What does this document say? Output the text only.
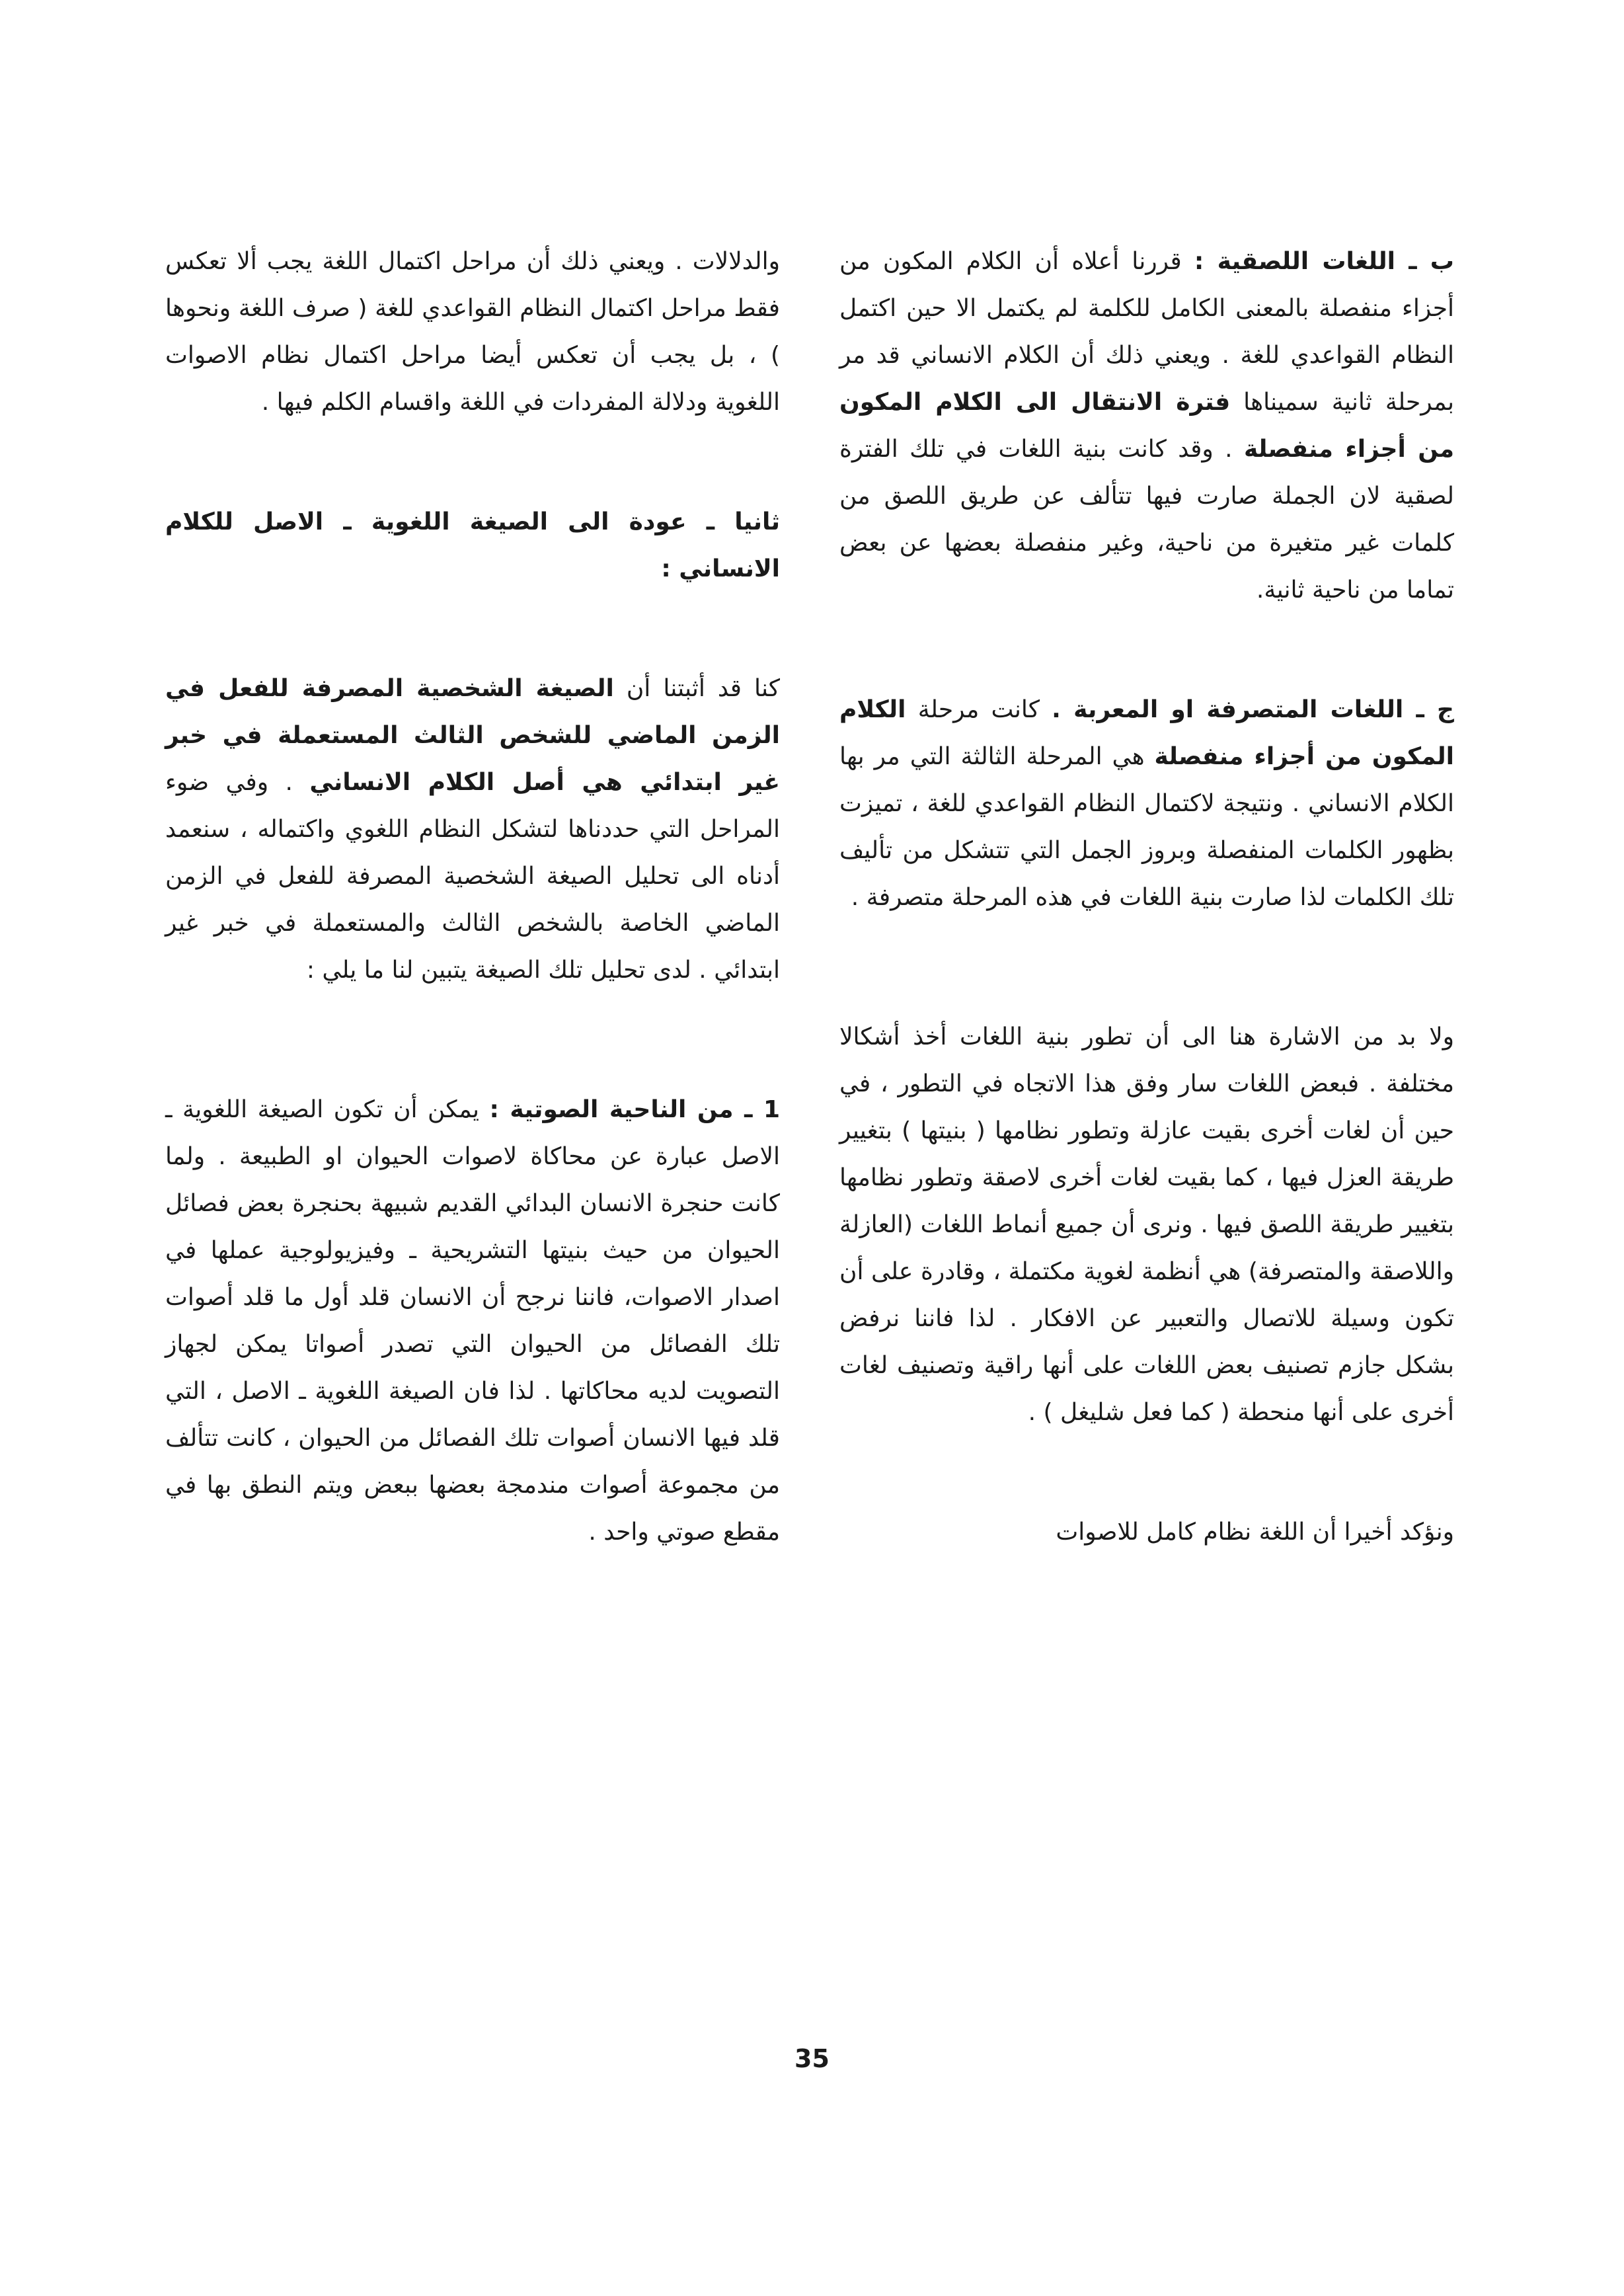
ب ـ اللغات اللصقية : قررنا أعلاه أن الكلام المكون من أجزاء منفصلة بالمعنى الكامل للكلمة لم يكتمل الا حين اكتمل النظام القواعدي للغة . ويعني ذلك أن الكلام الانساني قد مر بمرحلة ثانية سميناها فترة الانتقال الى الكلام المكون من أجزاء منفصلة . وقد كانت بنية اللغات في تلك الفترة لصقية لان الجملة صارت فيها تتألف عن طريق اللصق من كلمات غير متغيرة من ناحية، وغير منفصلة بعضها عن بعض تماما من ناحية ثانية.

ج ـ اللغات المتصرفة او المعربة . كانت مرحلة الكلام المكون من أجزاء منفصلة هي المرحلة الثالثة التي مر بها الكلام الانساني . ونتيجة لاكتمال النظام القواعدي للغة ، تميزت بظهور الكلمات المنفصلة وبروز الجمل التي تتشكل من تأليف تلك الكلمات لذا صارت بنية اللغات في هذه المرحلة متصرفة .

ولا بد من الاشارة هنا الى أن تطور بنية اللغات أخذ أشكالا مختلفة . فبعض اللغات سار وفق هذا الاتجاه في التطور ، في حين أن لغات أخرى بقيت عازلة وتطور نظامها ( بنيتها ) بتغيير طريقة العزل فيها ، كما بقيت لغات أخرى لاصقة وتطور نظامها بتغيير طريقة اللصق فيها . ونرى أن جميع أنماط اللغات (العازلة واللاصقة والمتصرفة) هي أنظمة لغوية مكتملة ، وقادرة على أن تكون وسيلة للاتصال والتعبير عن الافكار . لذا فاننا نرفض بشكل جازم تصنيف بعض اللغات على أنها راقية وتصنيف لغات أخرى على أنها منحطة ( كما فعل شليغل ) .

ونؤكد أخيرا أن اللغة نظام كامل للاصوات

والدلالات . ويعني ذلك أن مراحل اكتمال اللغة يجب ألا تعكس فقط مراحل اكتمال النظام القواعدي للغة ( صرف اللغة ونحوها ) ، بل يجب أن تعكس أيضا مراحل اكتمال نظام الاصوات اللغوية ودلالة المفردات في اللغة واقسام الكلم فيها .

ثانيا ـ عودة الى الصيغة اللغوية ـ الاصل للكلام الانساني :

كنا قد أثبتنا أن الصيغة الشخصية المصرفة للفعل في الزمن الماضي للشخص الثالث المستعملة في خبر غير ابتدائي هي أصل الكلام الانساني . وفي ضوء المراحل التي حددناها لتشكل النظام اللغوي واكتماله ، سنعمد أدناه الى تحليل الصيغة الشخصية المصرفة للفعل في الزمن الماضي الخاصة بالشخص الثالث والمستعملة في خبر غير ابتدائي . لدى تحليل تلك الصيغة يتبين لنا ما يلي :

1 ـ من الناحية الصوتية : يمكن أن تكون الصيغة اللغوية ـ الاصل عبارة عن محاكاة لاصوات الحيوان او الطبيعة . ولما كانت حنجرة الانسان البدائي القديم شبيهة بحنجرة بعض فصائل الحيوان من حيث بنيتها التشريحية ـ وفيزيولوجية عملها في اصدار الاصوات، فاننا نرجح أن الانسان قلد أول ما قلد أصوات تلك الفصائل من الحيوان التي تصدر أصواتا يمكن لجهاز التصويت لديه محاكاتها . لذا فان الصيغة اللغوية ـ الاصل ، التي قلد فيها الانسان أصوات تلك الفصائل من الحيوان ، كانت تتألف من مجموعة أصوات مندمجة بعضها ببعض ويتم النطق بها في مقطع صوتي واحد .

35
